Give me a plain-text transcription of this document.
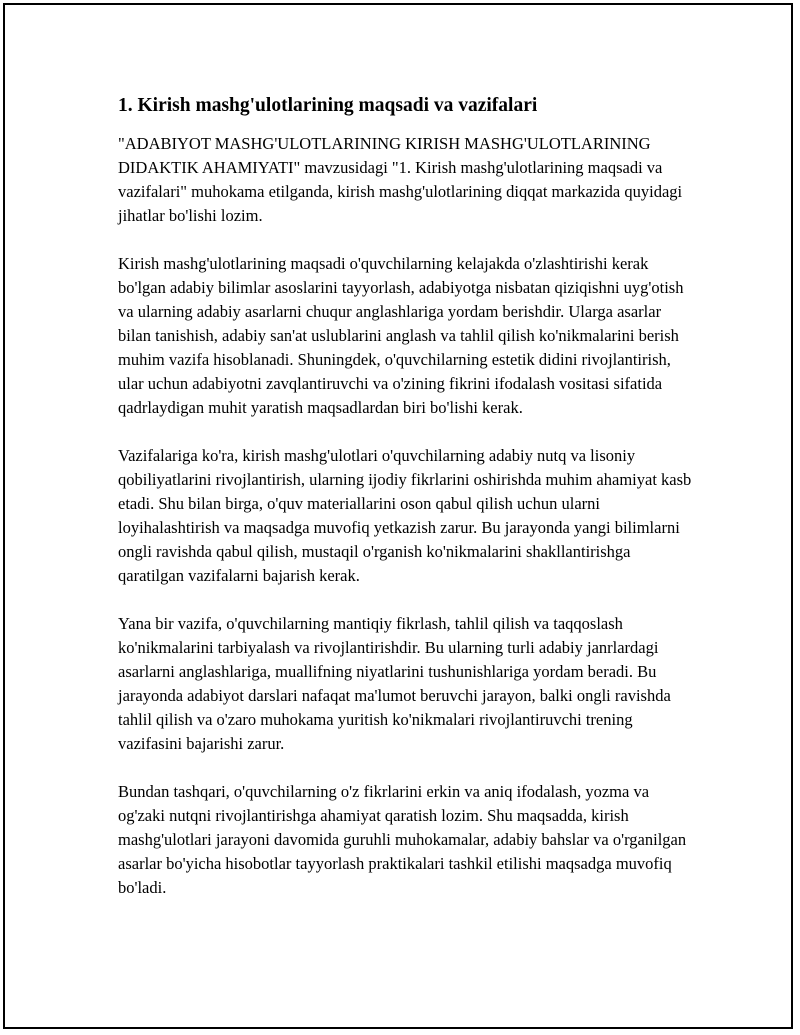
1. Kirish mashg'ulotlarining maqsadi va vazifalari

"ADABIYOT MASHG'ULOTLARINING KIRISH MASHG'ULOTLARINING DIDAKTIK AHAMIYATI" mavzusidagi "1. Kirish mashg'ulotlarining maqsadi va vazifalari" muhokama etilganda, kirish mashg'ulotlarining diqqat markazida quyidagi jihatlar bo'lishi lozim.

Kirish mashg'ulotlarining maqsadi o'quvchilarning kelajakda o'zlashtirishi kerak bo'lgan adabiy bilimlar asoslarini tayyorlash, adabiyotga nisbatan qiziqishni uyg'otish va ularning adabiy asarlarni chuqur anglashlariga yordam berishdir. Ularga asarlar bilan tanishish, adabiy san'at uslublarini anglash va tahlil qilish ko'nikmalarini berish muhim vazifa hisoblanadi. Shuningdek, o'quvchilarning estetik didini rivojlantirish, ular uchun adabiyotni zavqlantiruvchi va o'zining fikrini ifodalash vositasi sifatida qadrlaydigan muhit yaratish maqsadlardan biri bo'lishi kerak.

Vazifalariga ko'ra, kirish mashg'ulotlari o'quvchilarning adabiy nutq va lisoniy qobiliyatlarini rivojlantirish, ularning ijodiy fikrlarini oshirishda muhim ahamiyat kasb etadi. Shu bilan birga, o'quv materiallarini oson qabul qilish uchun ularni loyihalashtirish va maqsadga muvofiq yetkazish zarur. Bu jarayonda yangi bilimlarni ongli ravishda qabul qilish, mustaqil o'rganish ko'nikmalarini shakllantirishga qaratilgan vazifalarni bajarish kerak.

Yana bir vazifa, o'quvchilarning mantiqiy fikrlash, tahlil qilish va taqqoslash ko'nikmalarini tarbiyalash va rivojlantirishdir. Bu ularning turli adabiy janrlardagi asarlarni anglashlariga, muallifning niyatlarini tushunishlariga yordam beradi. Bu jarayonda adabiyot darslari nafaqat ma'lumot beruvchi jarayon, balki ongli ravishda tahlil qilish va o'zaro muhokama yuritish ko'nikmalari rivojlantiruvchi trening vazifasini bajarishi zarur.

Bundan tashqari, o'quvchilarning o'z fikrlarini erkin va aniq ifodalash, yozma va og'zaki nutqni rivojlantirishga ahamiyat qaratish lozim. Shu maqsadda, kirish mashg'ulotlari jarayoni davomida guruhli muhokamalar, adabiy bahslar va o'rganilgan asarlar bo'yicha hisobotlar tayyorlash praktikalari tashkil etilishi maqsadga muvofiq bo'ladi.
